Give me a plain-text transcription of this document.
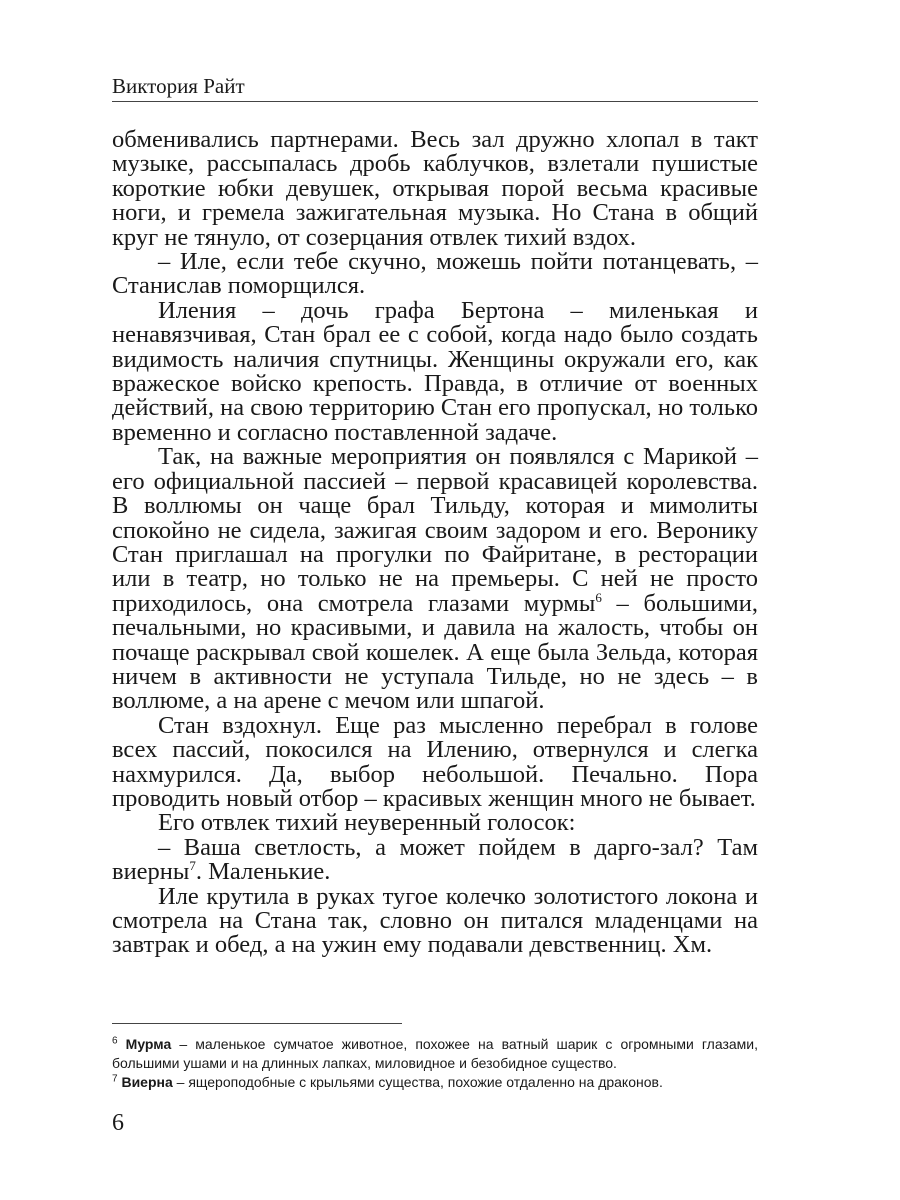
Виктория Райт

обменивались партнерами. Весь зал дружно хлопал в такт музыке, рассыпалась дробь каблучков, взлетали пушистые короткие юбки девушек, открывая порой весьма красивые ноги, и гремела зажигательная музыка. Но Стана в общий круг не тянуло, от созерцания отвлек тихий вздох.

– Иле, если тебе скучно, можешь пойти потанцевать, – Станислав поморщился.

Иления – дочь графа Бертона – миленькая и ненавязчивая, Стан брал ее с собой, когда надо было создать видимость наличия спутницы. Женщины окружали его, как вражеское войско крепость. Правда, в отличие от военных действий, на свою территорию Стан его пропускал, но только временно и согласно поставленной задаче.

Так, на важные мероприятия он появлялся с Марикой – его официальной пассией – первой красавицей королевства. В воллюмы он чаще брал Тильду, которая и мимолиты спокойно не сидела, зажигая своим задором и его. Веронику Стан приглашал на прогулки по Файритане, в ресторации или в театр, но только не на премьеры. С ней не просто приходилось, она смотрела глазами мурмы$^6$ – большими, печальными, но красивыми, и давила на жалость, чтобы он почаще раскрывал свой кошелек. А еще была Зельда, которая ничем в активности не уступала Тильде, но не здесь – в воллюме, а на арене с мечом или шпагой.

Стан вздохнул. Еще раз мысленно перебрал в голове всех пассий, покосился на Илению, отвернулся и слегка нахмурился. Да, выбор небольшой. Печально. Пора проводить новый отбор – красивых женщин много не бывает.

Его отвлек тихий неуверенный голосок:

– Ваша светлость, а может пойдем в дарго-зал? Там виерны$^7$. Маленькие.

Иле крутила в руках тугое колечко золотистого локона и смотрела на Стана так, словно он питался младенцами на завтрак и обед, а на ужин ему подавали девственниц. Хм.

$^6$ Мурма – маленькое сумчатое животное, похожее на ватный шарик с огромными глазами, большими ушами и на длинных лапках, миловидное и безобидное существо.

$^7$ Виерна – ящероподобные с крыльями существа, похожие отдаленно на драконов.

6
